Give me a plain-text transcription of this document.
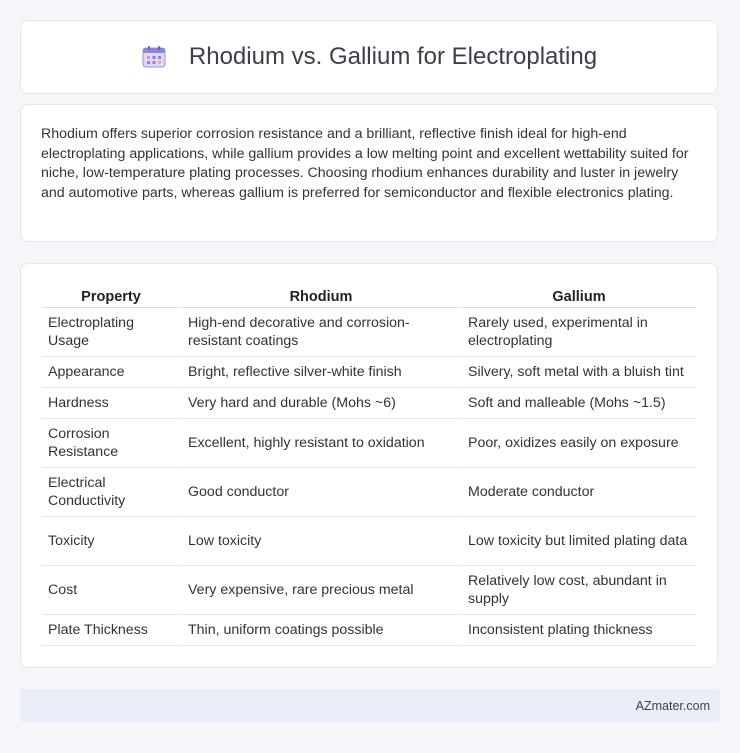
Rhodium vs. Gallium for Electroplating

Rhodium offers superior corrosion resistance and a brilliant, reflective finish ideal for high-end electroplating applications, while gallium provides a low melting point and excellent wettability suited for niche, low-temperature plating processes. Choosing rhodium enhances durability and luster in jewelry and automotive parts, whereas gallium is preferred for semiconductor and flexible electronics plating.

Property	Rhodium	Gallium
Electroplating Usage	High-end decorative and corrosion-resistant coatings	Rarely used, experimental in electroplating
Appearance	Bright, reflective silver-white finish	Silvery, soft metal with a bluish tint
Hardness	Very hard and durable (Mohs ~6)	Soft and malleable (Mohs ~1.5)
Corrosion Resistance	Excellent, highly resistant to oxidation	Poor, oxidizes easily on exposure
Electrical Conductivity	Good conductor	Moderate conductor
Toxicity	Low toxicity	Low toxicity but limited plating data
Cost	Very expensive, rare precious metal	Relatively low cost, abundant in supply
Plate Thickness	Thin, uniform coatings possible	Inconsistent plating thickness
AZmater.com
